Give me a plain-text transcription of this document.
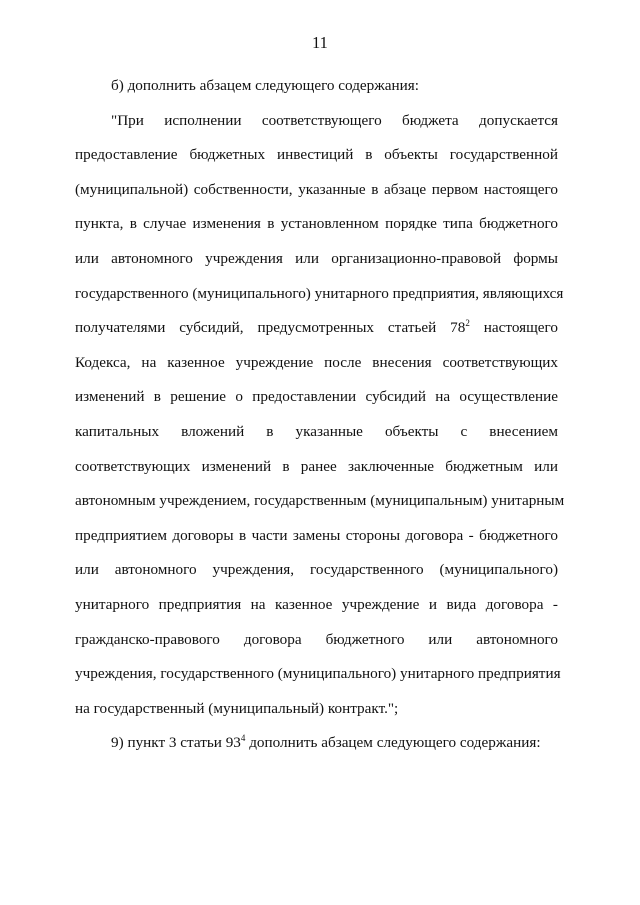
11
б) дополнить абзацем следующего содержания:
"При исполнении соответствующего бюджета допускается
предоставление бюджетных инвестиций в объекты государственной
(муниципальной) собственности, указанные в абзаце первом настоящего
пункта, в случае изменения в установленном порядке типа бюджетного
или автономного учреждения или организационно-правовой формы
государственного (муниципального) унитарного предприятия, являющихся
получателями субсидий, предусмотренных статьей $78^2$ настоящего
Кодекса, на казенное учреждение после внесения соответствующих
изменений в решение о предоставлении субсидий на осуществление
капитальных вложений в указанные объекты с внесением
соответствующих изменений в ранее заключенные бюджетным или
автономным учреждением, государственным (муниципальным) унитарным
предприятием договоры в части замены стороны договора - бюджетного
или автономного учреждения, государственного (муниципального)
унитарного предприятия на казенное учреждение и вида договора -
гражданско-правового договора бюджетного или автономного
учреждения, государственного (муниципального) унитарного предприятия
на государственный (муниципальный) контракт.";
9) пункт 3 статьи $93^4$ дополнить абзацем следующего содержания:
